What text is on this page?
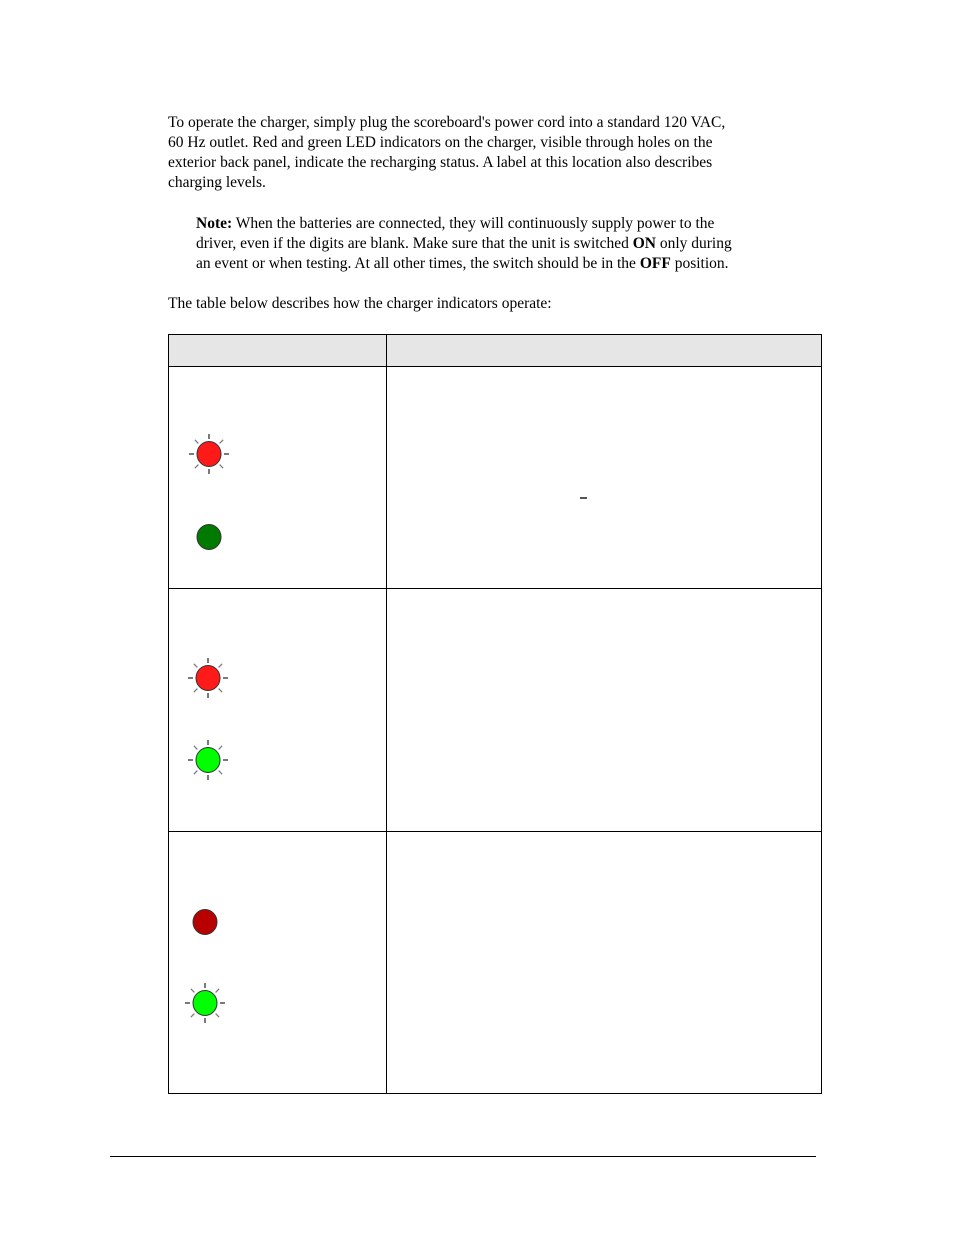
To operate the charger, simply plug the scoreboard's power cord into a standard 120 VAC,
60 Hz outlet. Red and green LED indicators on the charger, visible through holes on the
exterior back panel, indicate the recharging status. A label at this location also describes
charging levels.
Note: When the batteries are connected, they will continuously supply power to the
driver, even if the digits are blank. Make sure that the unit is switched ON only during
an event or when testing. At all other times, the switch should be in the OFF position.
The table below describes how the charger indicators operate:
